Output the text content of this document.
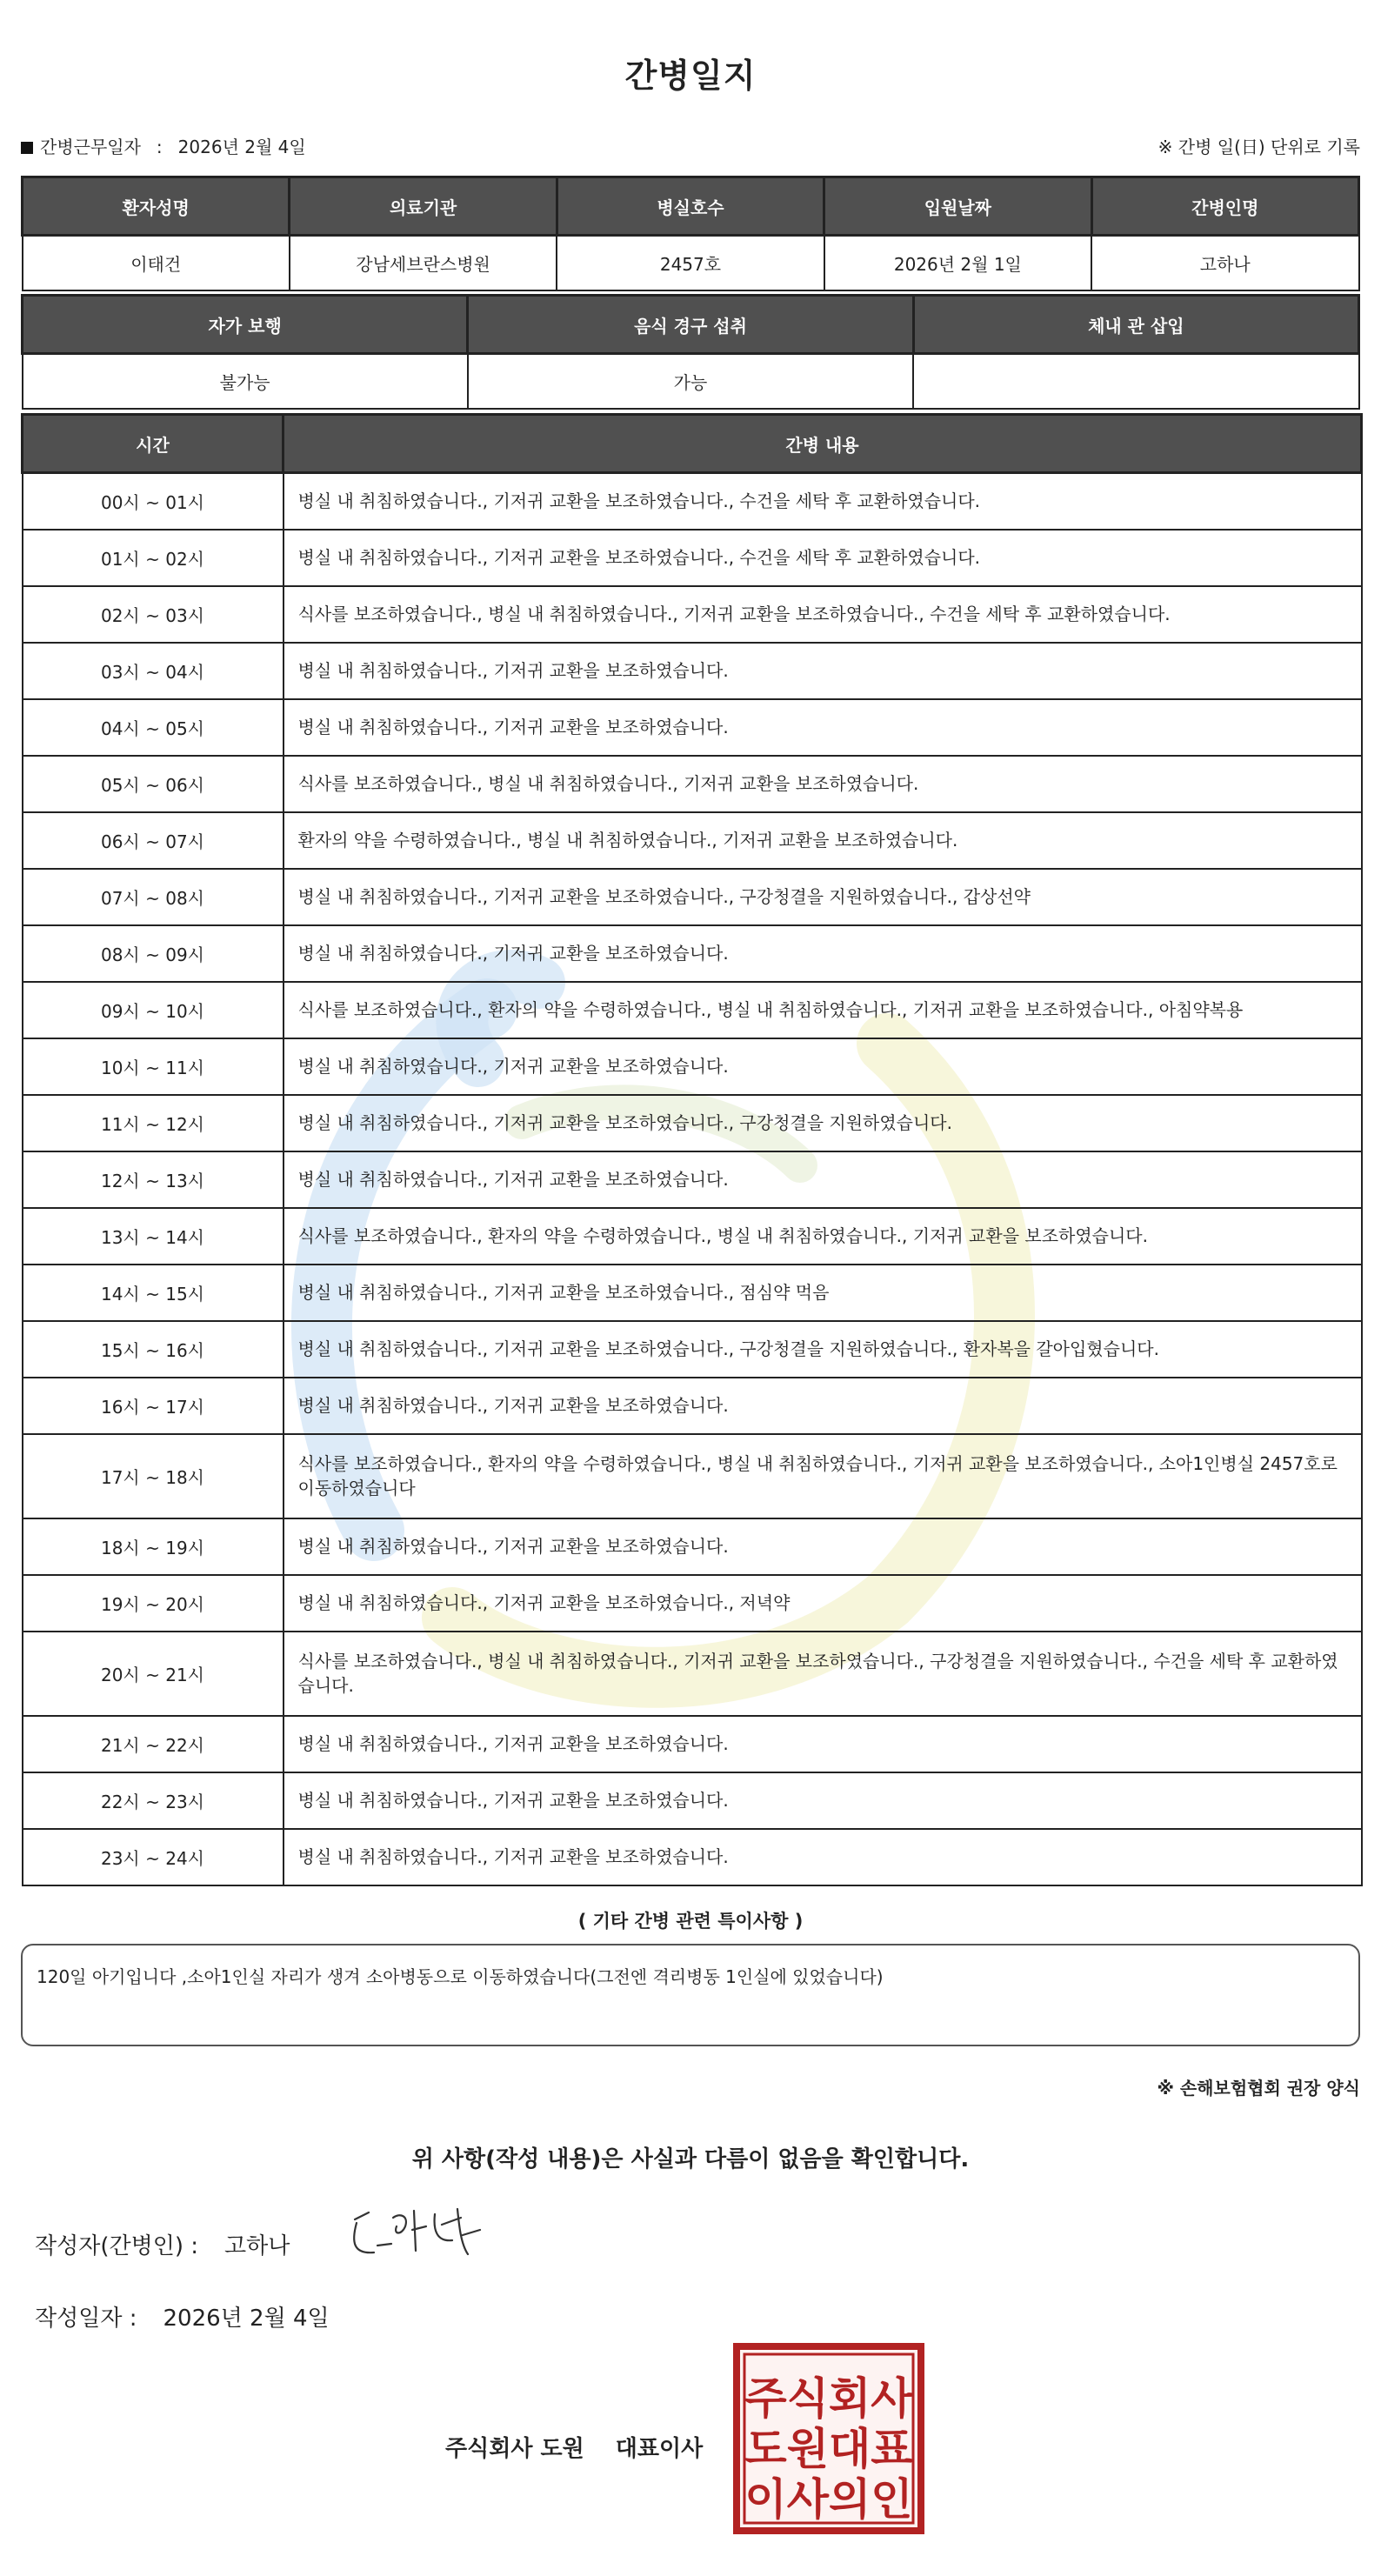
간병일지
간병근무일자 : 2026년 2월 4일	※ 간병 일(日) 단위로 기록
환자성명	의료기관	병실호수	입원날짜	간병인명
이태건	강남세브란스병원	2457호	2026년 2월 1일	고하나
자가 보행	음식 경구 섭취	체내 관 삽입
불가능	가능	
시간	간병 내용
00시 ~ 01시	병실 내 취침하였습니다., 기저귀 교환을 보조하였습니다., 수건을 세탁 후 교환하였습니다.
01시 ~ 02시	병실 내 취침하였습니다., 기저귀 교환을 보조하였습니다., 수건을 세탁 후 교환하였습니다.
02시 ~ 03시	식사를 보조하였습니다., 병실 내 취침하였습니다., 기저귀 교환을 보조하였습니다., 수건을 세탁 후 교환하였습니다.
03시 ~ 04시	병실 내 취침하였습니다., 기저귀 교환을 보조하였습니다.
04시 ~ 05시	병실 내 취침하였습니다., 기저귀 교환을 보조하였습니다.
05시 ~ 06시	식사를 보조하였습니다., 병실 내 취침하였습니다., 기저귀 교환을 보조하였습니다.
06시 ~ 07시	환자의 약을 수령하였습니다., 병실 내 취침하였습니다., 기저귀 교환을 보조하였습니다.
07시 ~ 08시	병실 내 취침하였습니다., 기저귀 교환을 보조하였습니다., 구강청결을 지원하였습니다., 갑상선약
08시 ~ 09시	병실 내 취침하였습니다., 기저귀 교환을 보조하였습니다.
09시 ~ 10시	식사를 보조하였습니다., 환자의 약을 수령하였습니다., 병실 내 취침하였습니다., 기저귀 교환을 보조하였습니다., 아침약복용
10시 ~ 11시	병실 내 취침하였습니다., 기저귀 교환을 보조하였습니다.
11시 ~ 12시	병실 내 취침하였습니다., 기저귀 교환을 보조하였습니다., 구강청결을 지원하였습니다.
12시 ~ 13시	병실 내 취침하였습니다., 기저귀 교환을 보조하였습니다.
13시 ~ 14시	식사를 보조하였습니다., 환자의 약을 수령하였습니다., 병실 내 취침하였습니다., 기저귀 교환을 보조하였습니다.
14시 ~ 15시	병실 내 취침하였습니다., 기저귀 교환을 보조하였습니다., 점심약 먹음
15시 ~ 16시	병실 내 취침하였습니다., 기저귀 교환을 보조하였습니다., 구강청결을 지원하였습니다., 환자복을 갈아입혔습니다.
16시 ~ 17시	병실 내 취침하였습니다., 기저귀 교환을 보조하였습니다.
17시 ~ 18시	식사를 보조하였습니다., 환자의 약을 수령하였습니다., 병실 내 취침하였습니다., 기저귀 교환을 보조하였습니다., 소아1인병실 2457호로 이동하였습니다
18시 ~ 19시	병실 내 취침하였습니다., 기저귀 교환을 보조하였습니다.
19시 ~ 20시	병실 내 취침하였습니다., 기저귀 교환을 보조하였습니다., 저녁약
20시 ~ 21시	식사를 보조하였습니다., 병실 내 취침하였습니다., 기저귀 교환을 보조하였습니다., 구강청결을 지원하였습니다., 수건을 세탁 후 교환하였습니다.
21시 ~ 22시	병실 내 취침하였습니다., 기저귀 교환을 보조하였습니다.
22시 ~ 23시	병실 내 취침하였습니다., 기저귀 교환을 보조하였습니다.
23시 ~ 24시	병실 내 취침하였습니다., 기저귀 교환을 보조하였습니다.
( 기타 간병 관련 특이사항 )
120일 아기입니다 ,소아1인실 자리가 생겨 소아병동으로 이동하였습니다(그전엔 격리병동 1인실에 있었습니다)
※ 손해보험협회 권장 양식
위 사항(작성 내용)은 사실과 다름이 없음을 확인합니다.
작성자(간병인) : 고하나
작성일자 : 2026년 2월 4일
주식회사 도원 대표이사
주식회사
도원대표
이사의인
